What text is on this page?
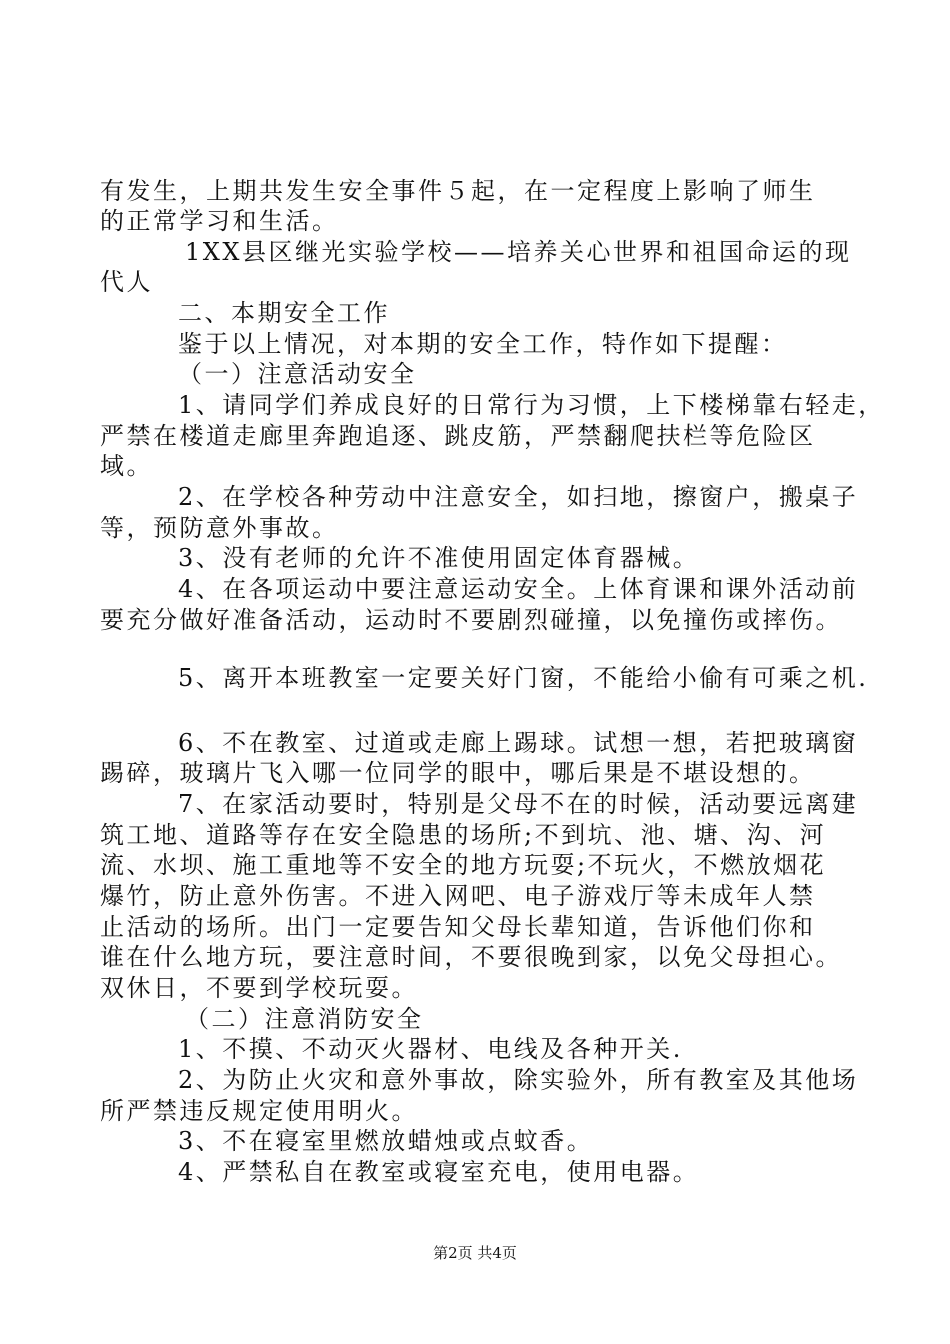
有发生，上期共发生安全事件５起，在一定程度上影响了师生
的正常学习和生活。
1XX县区继光实验学校——培养关心世界和祖国命运的现
代人
二、本期安全工作
鉴于以上情况，对本期的安全工作，特作如下提醒：
（一）注意活动安全
1、请同学们养成良好的日常行为习惯，上下楼梯靠右轻走，
严禁在楼道走廊里奔跑追逐、跳皮筋，严禁翻爬扶栏等危险区
域。
2、在学校各种劳动中注意安全，如扫地，擦窗户，搬桌子
等，预防意外事故。
3、没有老师的允许不准使用固定体育器械。
4、在各项运动中要注意运动安全。上体育课和课外活动前
要充分做好准备活动，运动时不要剧烈碰撞，以免撞伤或摔伤。
5、离开本班教室一定要关好门窗，不能给小偷有可乘之机.
6、不在教室、过道或走廊上踢球。试想一想，若把玻璃窗
踢碎，玻璃片飞入哪一位同学的眼中，哪后果是不堪设想的。
7、在家活动要时，特别是父母不在的时候，活动要远离建
筑工地、道路等存在安全隐患的场所;不到坑、池、塘、沟、河
流、水坝、施工重地等不安全的地方玩耍;不玩火，不燃放烟花
爆竹，防止意外伤害。不进入网吧、电子游戏厅等未成年人禁
止活动的场所。出门一定要告知父母长辈知道，告诉他们你和
谁在什么地方玩，要注意时间，不要很晚到家，以免父母担心。
双休日，不要到学校玩耍。
（二）注意消防安全
1、不摸、不动灭火器材、电线及各种开关.
2、为防止火灾和意外事故，除实验外，所有教室及其他场
所严禁违反规定使用明火。
3、不在寝室里燃放蜡烛或点蚊香。
4、严禁私自在教室或寝室充电，使用电器。
第2页 共4页
